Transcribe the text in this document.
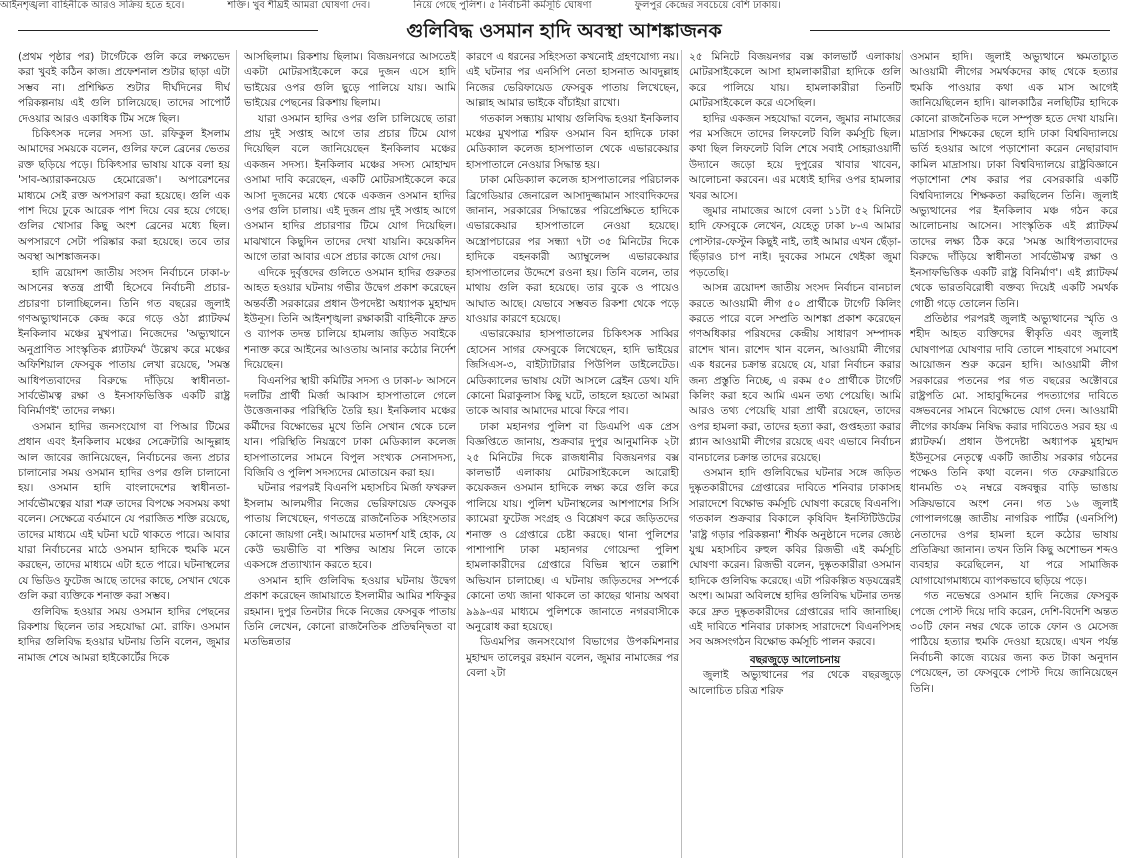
আইনশৃঙ্খলা বাহিনীকে আরও সক্রিয় হতে হবে।	শক্তি। খুব শীঘ্রই আমরা ঘোষণা দেব।	নিয়ে গেছে পুলিশ। ৫ নির্বাচনী কর্মসূচি ঘোষণা	ফুলপুর কেন্দ্রের সবচেয়ে বেশি ঢাকায়।
গুলিবিদ্ধ ওসমান হাদি অবস্থা আশঙ্কাজনক

(প্রথম পৃষ্ঠার পর) টার্গেটকে গুলি করে লক্ষ্যভেদ করা খুবই কঠিন কাজ। প্রফেশনাল শুটার ছাড়া এটা সম্ভব না। প্রশিক্ষিত শুটার দীর্ঘদিনের দীর্ঘ পরিকল্পনায় এই গুলি চালিয়েছে। তাদের সাপোর্ট দেওয়ার আরও একাধিক টিম সঙ্গে ছিল।

চিকিৎসক দলের সদস্য ডা. রফিকুল ইসলাম আমাদের সময়কে বলেন, গুলির ফলে ব্রেনের ভেতর রক্ত ছড়িয়ে পড়ে। চিকিৎসার ভাষায় যাকে বলা হয় 'সাব-অ্যারাকনয়েড হেমোরেজ'। অপারেশনের মাধ্যমে সেই রক্ত অপসারণ করা হয়েছে। গুলি এক পাশ দিয়ে ঢুকে আরেক পাশ দিয়ে বের হয়ে গেছে। গুলির খোসার কিছু অংশ ব্রেনের মধ্যে ছিল। অপসারণে সেটা পরিষ্কার করা হয়েছে। তবে তার অবস্থা আশঙ্কাজনক।

হাদি ত্রয়োদশ জাতীয় সংসদ নির্বাচনে ঢাকা-৮ আসনের স্বতন্ত্র প্রার্থী হিসেবে নির্বাচনী প্রচার-প্রচারণা চালাচ্ছিলেন। তিনি গত বছরের জুলাই গণঅভ্যুত্থানকে কেন্দ্র করে গড়ে ওঠা প্ল্যাটফর্ম ইনকিলাব মঞ্চের মুখপাত্র। নিজেদের 'অভ্যুত্থানে অনুপ্রাণিত সাংস্কৃতিক প্ল্যাটফর্ম' উল্লেখ করে মঞ্চের অফিশিয়াল ফেসবুক পাতায় লেখা রয়েছে, 'সমস্ত আধিপত্যবাদের বিরুদ্ধে দাঁড়িয়ে স্বাধীনতা-সার্বভৌমত্ব রক্ষা ও ইনসাফভিত্তিক একটি রাষ্ট্র বিনির্মাণই' তাদের লক্ষ্য।

ওসমান হাদির জনসংযোগ বা পিআর টিমের প্রধান এবং ইনকিলাব মঞ্চের সেক্রেটারি আব্দুল্লাহ আল জাবের জানিয়েছেন, নির্বাচনের জন্য প্রচার চালানোর সময় ওসমান হাদির ওপর গুলি চালানো হয়। ওসমান হাদি বাংলাদেশের স্বাধীনতা-সার্বভৌমত্বের যারা শত্রু তাদের বিপক্ষে সবসময় কথা বলেন। সেক্ষেত্রে বর্তমানে যে পরাজিত শক্তি রয়েছে, তাদের মাধ্যমে এই ঘটনা ঘটে থাকতে পারে। আবার যারা নির্বাচনের মাঠে ওসমান হাদিকে হুমকি মনে করছেন, তাদের মাধ্যমে এটা হতে পারে। ঘটনাস্থলের যে ভিডিও ফুটেজ আছে তাদের কাছে, সেখান থেকে গুলি করা ব্যক্তিকে শনাক্ত করা সম্ভব।

গুলিবিদ্ধ হওয়ার সময় ওসমান হাদির পেছনের রিকশায় ছিলেন তার সহযোদ্ধা মো. রাফি। ওসমান হাদির গুলিবিদ্ধ হওয়ার ঘটনায় তিনি বলেন, জুমার নামাজ শেষে আমরা হাইকোর্টের দিকে

আসছিলাম। রিকশায় ছিলাম। বিজয়নগরে আসতেই একটা মোটরসাইকেলে করে দুজন এসে হাদি ভাইয়ের ওপর গুলি ছুড়ে পালিয়ে যায়। আমি ভাইয়ের পেছনের রিকশায় ছিলাম।

যারা ওসমান হাদির ওপর গুলি চালিয়েছে তারা প্রায় দুই সপ্তাহ আগে তার প্রচার টিমে যোগ দিয়েছিল বলে জানিয়েছেন ইনকিলাব মঞ্চের একজন সদস্য। ইনকিলাব মঞ্চের সদস্য মোহাম্মদ ওসামা দাবি করেছেন, একটি মোটরসাইকেলে করে আসা দুজনের মধ্যে থেকে একজন ওসমান হাদির ওপর গুলি চালায়। এই দুজন প্রায় দুই সপ্তাহ আগে ওসমান হাদির প্রচারণার টিমে যোগ দিয়েছিল। মাঝখানে কিছুদিন তাদের দেখা যায়নি। কয়েকদিন আগে তারা আবার এসে প্রচার কাজে যোগ দেয়।

এদিকে দুর্বৃত্তদের গুলিতে ওসমান হাদির গুরুতর আহত হওয়ার ঘটনায় গভীর উদ্বেগ প্রকাশ করেছেন অন্তর্বর্তী সরকারের প্রধান উপদেষ্টা অধ্যাপক মুহাম্মদ ইউনূস। তিনি আইনশৃঙ্খলা রক্ষাকারী বাহিনীকে দ্রুত ও ব্যাপক তদন্ত চালিয়ে হামলায় জড়িত সবাইকে শনাক্ত করে আইনের আওতায় আনার কঠোর নির্দেশ দিয়েছেন।

বিএনপির স্থায়ী কমিটির সদস্য ও ঢাকা-৮ আসনে দলটির প্রার্থী মির্জা আব্বাস হাসপাতালে গেলে উত্তেজনাকর পরিস্থিতি তৈরি হয়। ইনকিলাব মঞ্চের কর্মীদের বিক্ষোভের মুখে তিনি সেখান থেকে চলে যান। পরিস্থিতি নিয়ন্ত্রণে ঢাকা মেডিক্যাল কলেজ হাসপাতালের সামনে বিপুল সংখ্যক সেনাসদস্য, বিজিবি ও পুলিশ সদস্যদের মোতায়েন করা হয়।

ঘটনার পরপরই বিএনপি মহাসচিব মির্জা ফখরুল ইসলাম আলমগীর নিজের ভেরিফায়েড ফেসবুক পাতায় লিখেছেন, গণতন্ত্রে রাজনৈতিক সহিংসতার কোনো জায়গা নেই। আমাদের মতাদর্শ যাই হোক, যে কেউ ভয়ভীতি বা শক্তির আশ্রয় নিলে তাকে একসঙ্গে প্রত্যাখ্যান করতে হবে।

ওসমান হাদি গুলিবিদ্ধ হওয়ার ঘটনায় উদ্বেগ প্রকাশ করেছেন জামায়াতে ইসলামীর আমির শফিকুর রহমান। দুপুর তিনটার দিকে নিজের ফেসবুক পাতায় তিনি লেখেন, কোনো রাজনৈতিক প্রতিদ্বন্দ্বিতা বা মতভিন্নতার

কারণে এ ধরনের সহিংসতা কখনোই গ্রহণযোগ্য নয়। এই ঘটনার পর এনসিপি নেতা হাসনাত আবদুল্লাহ নিজের ভেরিফায়েড ফেসবুক পাতায় লিখেছেন, আল্লাহ আমার ভাইকে বাঁচাইয়া রাখো।

গতকাল সন্ধ্যায় মাথায় গুলিবিদ্ধ হওয়া ইনকিলাব মঞ্চের মুখপাত্র শরিফ ওসমান বিন হাদিকে ঢাকা মেডিক্যাল কলেজ হাসপাতাল থেকে এভারকেয়ার হাসপাতালে নেওয়ার সিদ্ধান্ত হয়।

ঢাকা মেডিক্যাল কলেজ হাসপাতালের পরিচালক ব্রিগেডিয়ার জেনারেল আসাদুজ্জামান সাংবাদিকদের জানান, সরকারের সিদ্ধান্তের পরিপ্রেক্ষিতে হাদিকে এভারকেয়ার হাসপাতালে নেওয়া হয়েছে। অস্ত্রোপচারের পর সন্ধ্যা ৭টা ৩৫ মিনিটের দিকে হাদিকে বহনকারী অ্যাম্বুলেন্স এভারকেয়ার হাসপাতালের উদ্দেশে রওনা হয়। তিনি বলেন, তার মাথায় গুলি করা হয়েছে। তার বুকে ও পায়েও আঘাত আছে। যেভাবে সম্ভবত রিকশা থেকে পড়ে যাওয়ার কারণে হয়েছে।

এভারকেয়ার হাসপাতালের চিকিৎসক সাব্বির হোসেন সাগর ফেসবুকে লিখেছেন, হাদি ভাইয়ের জিসিএস-৩, বাইট্যাটারার পিউপিল ডাইলেটেড। মেডিক্যালের ভাষায় যেটা আসলে ব্রেইন ডেথ। যদি কোনো মিরাকুলাস কিছু ঘটে, তাহলে হয়তো আমরা তাকে আবার আমাদের মাঝে ফিরে পাব।

ঢাকা মহানগর পুলিশ বা ডিএমপি এক প্রেস বিজ্ঞপ্তিতে জানায়, শুক্রবার দুপুর আনুমানিক ২টা ২৫ মিনিটের দিকে রাজধানীর বিজয়নগর বক্স কালভার্ট এলাকায় মোটরসাইকেলে আরোহী কয়েকজন ওসমান হাদিকে লক্ষ্য করে গুলি করে পালিয়ে যায়। পুলিশ ঘটনাস্থলের আশপাশের সিসি ক্যামেরা ফুটেজ সংগ্রহ ও বিশ্লেষণ করে জড়িতদের শনাক্ত ও গ্রেপ্তারে চেষ্টা করছে। থানা পুলিশের পাশাপাশি ঢাকা মহানগর গোয়েন্দা পুলিশ হামলাকারীদের গ্রেপ্তারে বিভিন্ন স্থানে তল্লাশি অভিযান চালাচ্ছে। এ ঘটনায় জড়িতদের সম্পর্কে কোনো তথ্য জানা থাকলে তা কাছের থানায় অথবা ৯৯৯-এর মাধ্যমে পুলিশকে জানাতে নগরবাসীকে অনুরোধ করা হয়েছে।

ডিএমপির জনসংযোগ বিভাগের উপকমিশনার মুহাম্মদ তালেবুর রহমান বলেন, জুমার নামাজের পর বেলা ২টা

২৫ মিনিটে বিজয়নগর বক্স কালভার্ট এলাকায় মোটরসাইকেলে আসা হামলাকারীরা হাদিকে গুলি করে পালিয়ে যায়। হামলাকারীরা তিনটি মোটরসাইকেলে করে এসেছিল।

হাদির একজন সহযোদ্ধা বলেন, জুমার নামাজের পর মসজিদে তাদের লিফলেট বিলি কর্মসূচি ছিল। কথা ছিল লিফলেট বিলি শেষে সবাই সোহরাওয়ার্দী উদ্যানে জড়ো হয়ে দুপুরের খাবার খাবেন, আলোচনা করবেন। এর মধ্যেই হাদির ওপর হামলার খবর আসে।

জুমার নামাজের আগে বেলা ১১টা ৫২ মিনিটে হাদি ফেসবুকে লেখেন, যেহেতু ঢাকা ৮-এ আমার পোস্টার-ফেস্টুন কিছুই নাই, তাই আমার এখন ছেঁড়া-ছিঁড়ারও চাপ নাই। দুবকের সামনে থেইকা জুমা পড়তেছি।

আসন্ন ত্রয়োদশ জাতীয় সংসদ নির্বাচন বানচাল করতে আওয়ামী লীগ ৫০ প্রার্থীকে টার্গেট কিলিং করতে পারে বলে সম্প্রতি আশঙ্কা প্রকাশ করেছেন গণঅধিকার পরিষদের কেন্দ্রীয় সাধারণ সম্পাদক রাশেদ খান। রাশেদ খান বলেন, আওয়ামী লীগের এক ধরনের চক্রান্ত রয়েছে যে, যারা নির্বাচন করার জন্য প্রস্তুতি নিচ্ছে, এ রকম ৫০ প্রার্থীকে টার্গেট কিলিং করা হবে আমি এমন তথ্য পেয়েছি। আমি আরও তথ্য পেয়েছি যারা প্রার্থী রয়েছেন, তাদের ওপর হামলা করা, তাদের হত্যা করা, গুপ্তহত্যা করার প্ল্যান আওয়ামী লীগের রয়েছে এবং এভাবে নির্বাচন বানচালের চক্রান্ত তাদের রয়েছে।

ওসমান হাদি গুলিবিদ্ধের ঘটনার সঙ্গে জড়িত দুষ্কৃতকারীদের গ্রেপ্তারের দাবিতে শনিবার ঢাকাসহ সারাদেশে বিক্ষোভ কর্মসূচি ঘোষণা করেছে বিএনপি। গতকাল শুক্রবার বিকালে কৃষিবিদ ইনস্টিটিউটের 'রাষ্ট্র গড়ার পরিকল্পনা' শীর্ষক অনুষ্ঠানে দলের জ্যেষ্ঠ যুগ্ম মহাসচিব রুহুল কবির রিজভী এই কর্মসূচি ঘোষণা করেন। রিজভী বলেন, দুষ্কৃতকারীরা ওসমান হাদিকে গুলিবিদ্ধ করেছে। এটা পরিকল্পিত ষড়যন্ত্রেরই অংশ। আমরা অবিলম্বে হাদির গুলিবিদ্ধ ঘটনার তদন্ত করে দ্রুত দুষ্কৃতকারীদের গ্রেপ্তারের দাবি জানাচ্ছি। এই দাবিতে শনিবার ঢাকাসহ সারাদেশে বিএনপিসহ সব অঙ্গসংগঠন বিক্ষোভ কর্মসূচি পালন করবে।

বছরজুড়ে আলোচনায়

জুলাই অভ্যুত্থানের পর থেকে বছরজুড়ে আলোচিত চরিত্র শরিফ

ওসমান হাদি। জুলাই অভ্যুত্থানে ক্ষমতাচ্যুত আওয়ামী লীগের সমর্থকদের কাছ থেকে হত্যার হুমকি পাওয়ার কথা এক মাস আগেই জানিয়েছিলেন হাদি। ঝালকাঠির নলছিটির হাদিকে কোনো রাজনৈতিক দলে সম্পৃক্ত হতে দেখা যায়নি। মাদ্রাসার শিক্ষকের ছেলে হাদি ঢাকা বিশ্ববিদ্যালয়ে ভর্তি হওয়ার আগে পড়াশোনা করেন নেছারাবাদ কামিল মাদ্রাসায়। ঢাকা বিশ্ববিদ্যালয়ে রাষ্ট্রবিজ্ঞানে পড়াশোনা শেষ করার পর বেসরকারি একটি বিশ্ববিদ্যালয়ে শিক্ষকতা করছিলেন তিনি। জুলাই অভ্যুত্থানের পর ইনকিলাব মঞ্চ গঠন করে আলোচনায় আসেন। সাংস্কৃতিক এই প্ল্যাটফর্ম তাদের লক্ষ্য ঠিক করে 'সমস্ত আধিপত্যবাদের বিরুদ্ধে দাঁড়িয়ে স্বাধীনতা সার্বভৌমত্ব রক্ষা ও ইনসাফভিত্তিক একটি রাষ্ট্র বিনির্মাণ'। এই প্ল্যাটফর্ম থেকে ভারতবিরোধী বক্তব্য দিয়েই একটি সমর্থক গোষ্ঠী গড়ে তোলেন তিনি।

প্রতিষ্ঠার পরপরই জুলাই অভ্যুত্থানের স্মৃতি ও শহীদ আহত ব্যক্তিদের স্বীকৃতি এবং জুলাই ঘোষণাপত্র ঘোষণার দাবি তোলে শাহবাগে সমাবেশ আয়োজন শুরু করেন হাদি। আওয়ামী লীগ সরকারের পতনের পর গত বছরের অক্টোবরে রাষ্ট্রপতি মো. সাহাবুদ্দিনের পদত্যাগের দাবিতে বঙ্গভবনের সামনে বিক্ষোভে যোগ দেন। আওয়ামী লীগের কার্যক্রম নিষিদ্ধ করার দাবিতেও সরব হয় এ প্ল্যাটফর্ম। প্রধান উপদেষ্টা অধ্যাপক মুহাম্মদ ইউনূসের নেতৃত্বে একটি জাতীয় সরকার গঠনের পক্ষেও তিনি কথা বলেন। গত ফেব্রুয়ারিতে ধানমন্ডি ৩২ নম্বরে বঙ্গবন্ধুর বাড়ি ভাঙায় সক্রিয়ভাবে অংশ নেন। গত ১৬ জুলাই গোপালগঞ্জে জাতীয় নাগরিক পার্টির (এনসিপি) নেতাদের ওপর হামলা হলে কঠোর ভাষায় প্রতিক্রিয়া জানান। তখন তিনি কিছু অশোভন শব্দও ব্যবহার করেছিলেন, যা পরে সামাজিক যোগাযোগমাধ্যমে ব্যাপকভাবে ছড়িয়ে পড়ে।

গত নভেম্বরে ওসমান হাদি নিজের ফেসবুক পেজে পোস্ট দিয়ে দাবি করেন, দেশি-বিদেশি অন্তত ৩০টি ফোন নম্বর থেকে তাকে ফোন ও মেসেজ পাঠিয়ে হত্যার হুমকি দেওয়া হয়েছে। এখন পর্যন্ত নির্বাচনী কাজে ব্যয়ের জন্য কত টাকা অনুদান পেয়েছেন, তা ফেসবুকে পোস্ট দিয়ে জানিয়েছেন তিনি।
